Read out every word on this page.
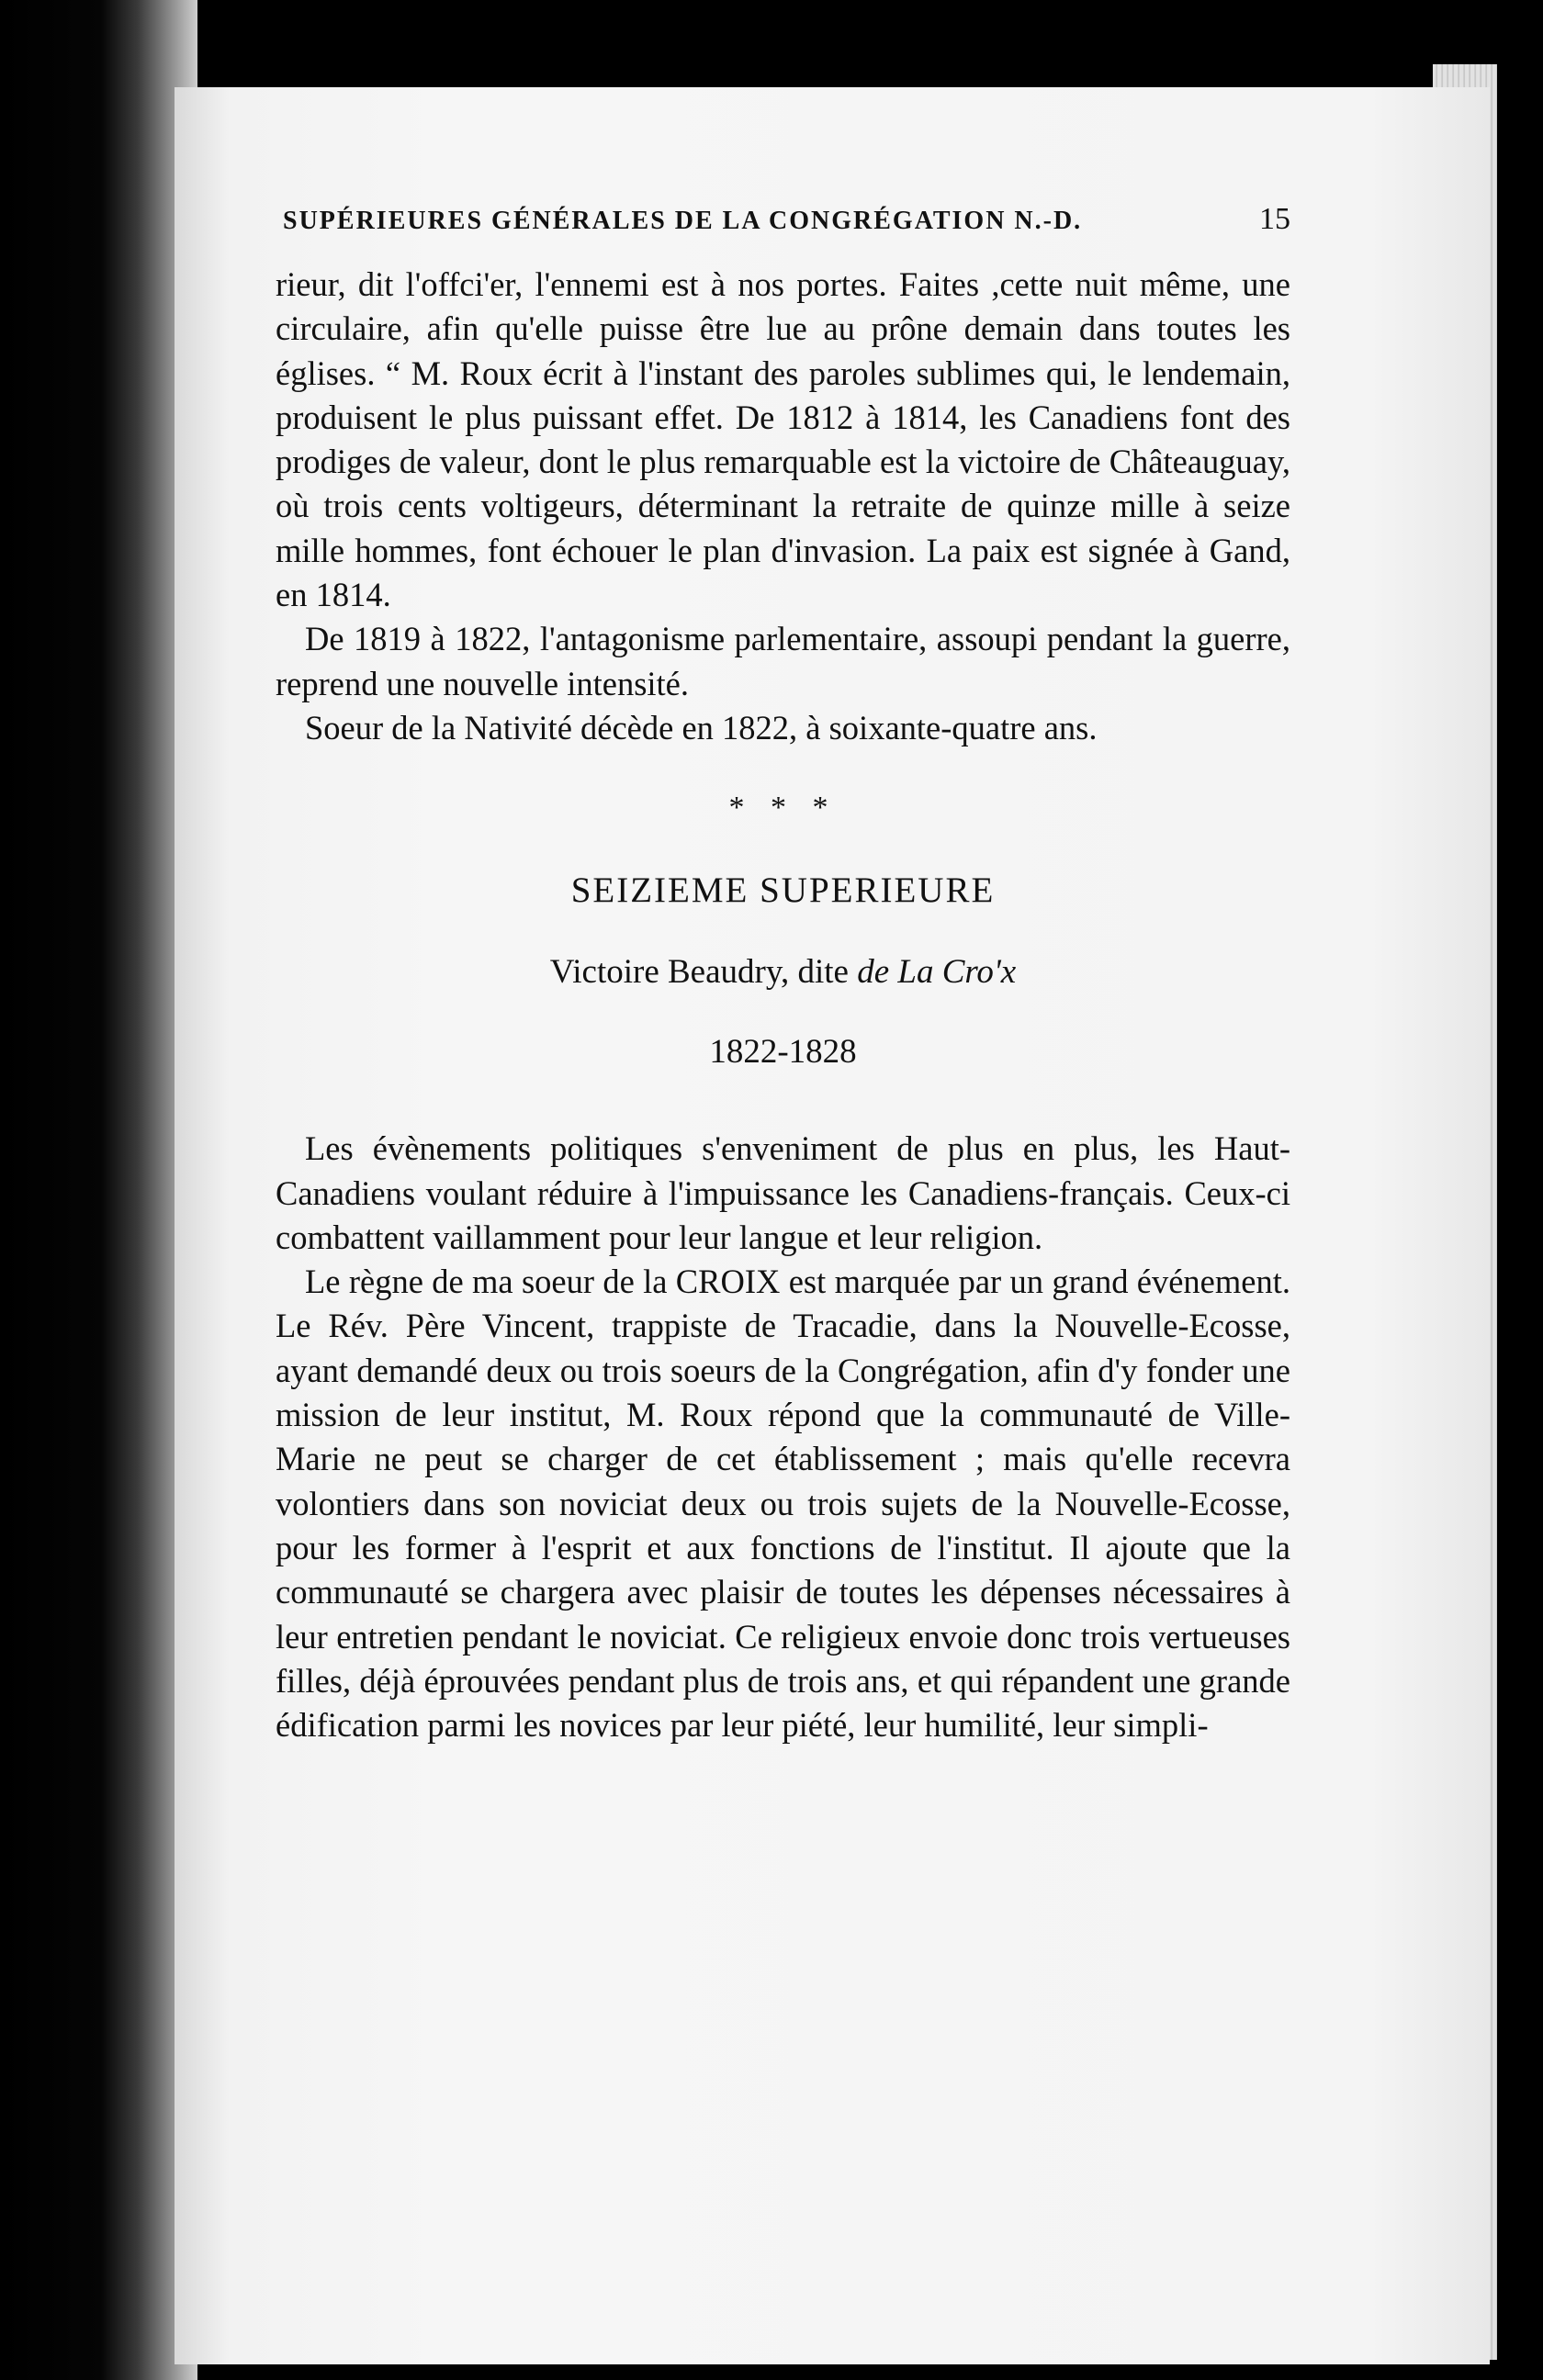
SUPÉRIEURES GÉNÉRALES DE LA CONGRÉGATION N.-D.	15

rieur, dit l'offci‍'er, l'ennemi est à nos portes. Faites ,cette nuit même, une circulaire, afin qu'elle puisse être lue au prône demain dans toutes les églises. “ M. Roux écrit à l'instant des paroles sublimes qui, le lendemain, produisent le plus puissant effet. De 1812 à 1814, les Canadiens font des prodiges de valeur, dont le plus remarquable est la victoire de Châteauguay, où trois cents voltigeurs, déterminant la retraite de quinze mille à seize mille hommes, font échouer le plan d'invasion. La paix est signée à Gand, en 1814.

De 1819 à 1822, l'antagonisme parlementaire, assoupi pendant la guerre, reprend une nouvelle intensité.

Soeur de la Nativité décède en 1822, à soixante-quatre ans.

* * *
SEIZIEME SUPERIEURE
Victoire Beaudry, dite de La Cro'x
1822-1828

Les évènements politiques s'enveniment de plus en plus, les Haut-Canadiens voulant réduire à l'impuissance les Canadiens-français. Ceux-ci combattent vaillamment pour leur langue et leur religion.

Le règne de ma soeur de la CROIX est marquée par un grand événement. Le Rév. Père Vincent, trappiste de Tracadie, dans la Nouvelle-Ecosse, ayant demandé deux ou trois soeurs de la Congrégation, afin d'y fonder une mission de leur institut, M. Roux répond que la communauté de Ville-Marie ne peut se charger de cet établissement ; mais qu'elle recevra volontiers dans son noviciat deux ou trois sujets de la Nouvelle-Ecosse, pour les former à l'esprit et aux fonctions de l'institut. Il ajoute que la communauté se chargera avec plaisir de toutes les dépenses nécessaires à leur entretien pendant le noviciat. Ce religieux envoie donc trois vertueuses filles, déjà éprouvées pendant plus de trois ans, et qui répandent une grande édification parmi les novices par leur piété, leur humilité, leur simpli-
